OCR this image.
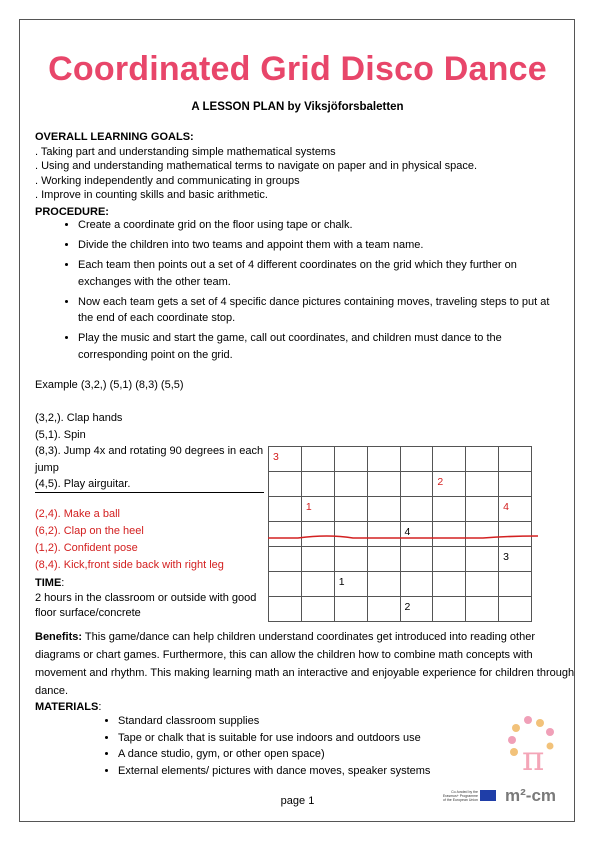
Coordinated Grid Disco Dance
A LESSON PLAN by Viksjöforsbaletten
OVERALL LEARNING GOALS:
. Taking part and understanding simple mathematical systems
. Using and understanding mathematical terms to navigate on paper and in physical space.
. Working independently and communicating in groups
. Improve in counting skills and basic arithmetic.
PROCEDURE:
• Create a coordinate grid on the floor using tape or chalk.
• Divide the children into two teams and appoint them with a team name.
• Each team then points out a set of 4 different coordinates on the grid which they further on exchanges with the other team.
• Now each team gets a set of 4 specific dance pictures containing moves, traveling steps to put at the end of each coordinate stop.
• Play the music and start the game, call out coordinates, and children must dance to the corresponding point on the grid.
Example (3,2,) (5,1) (8,3) (5,5)
(3,2,). Clap hands
(5,1). Spin
(8,3). Jump 4x and rotating 90 degrees in each jump
(4,5). Play airguitar.
(2,4). Make a ball
(6,2). Clap on the heel
(1,2). Confident pose
(8,4). Kick,front side back with right leg
TIME:
2 hours in the classroom or outside with good floor surface/concrete
3							

					2		

	1						4

				4			

							3

		1					

				2			

Benefits: This game/dance can help children understand coordinates get introduced into reading other diagrams or chart games. Furthermore, this can allow the children how to combine math concepts with movement and rhythm. This making learning math an interactive and enjoyable experience for children through dance.
MATERIALS:
• Standard classroom supplies
• Tape or chalk that is suitable for use indoors and outdoors use
• A dance studio, gym, or other open space)
• External elements/ pictures with dance moves, speaker systems	π
Co-funded by the Erasmus+ Programme of the European Union m²-cm
page 1
